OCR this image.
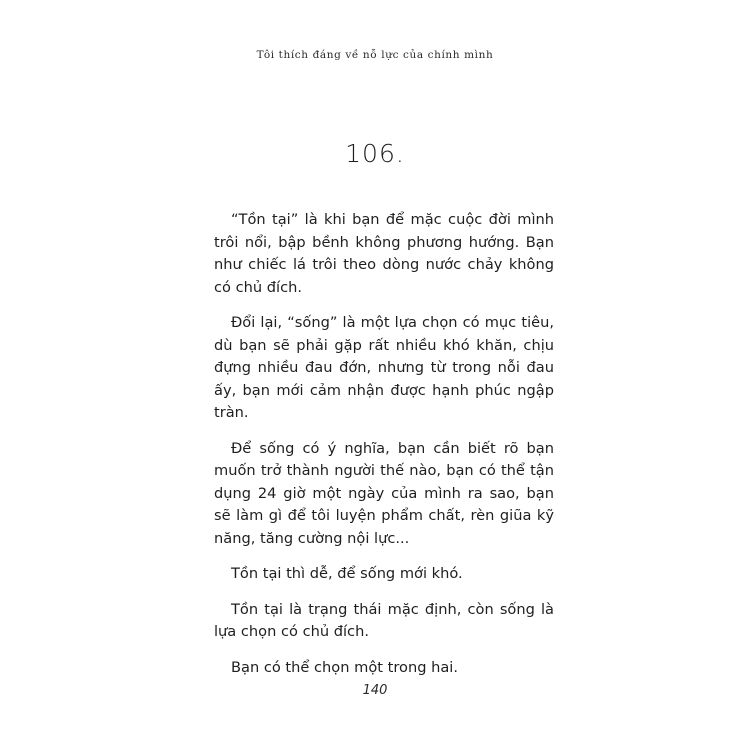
Tôi thích đáng về nỗ lực của chính mình
106.

“Tồn tại” là khi bạn để mặc cuộc đời mình trôi nổi, bập bềnh không phương hướng. Bạn như chiếc lá trôi theo dòng nước chảy không có chủ đích.

Đổi lại, “sống” là một lựa chọn có mục tiêu, dù bạn sẽ phải gặp rất nhiều khó khăn, chịu đựng nhiều đau đớn, nhưng từ trong nỗi đau ấy, bạn mới cảm nhận được hạnh phúc ngập tràn.

Để sống có ý nghĩa, bạn cần biết rõ bạn muốn trở thành người thế nào, bạn có thể tận dụng 24 giờ một ngày của mình ra sao, bạn sẽ làm gì để tôi luyện phẩm chất, rèn giũa kỹ năng, tăng cường nội lực...

Tồn tại thì dễ, để sống mới khó.

Tồn tại là trạng thái mặc định, còn sống là lựa chọn có chủ đích.

Bạn có thể chọn một trong hai.

140
